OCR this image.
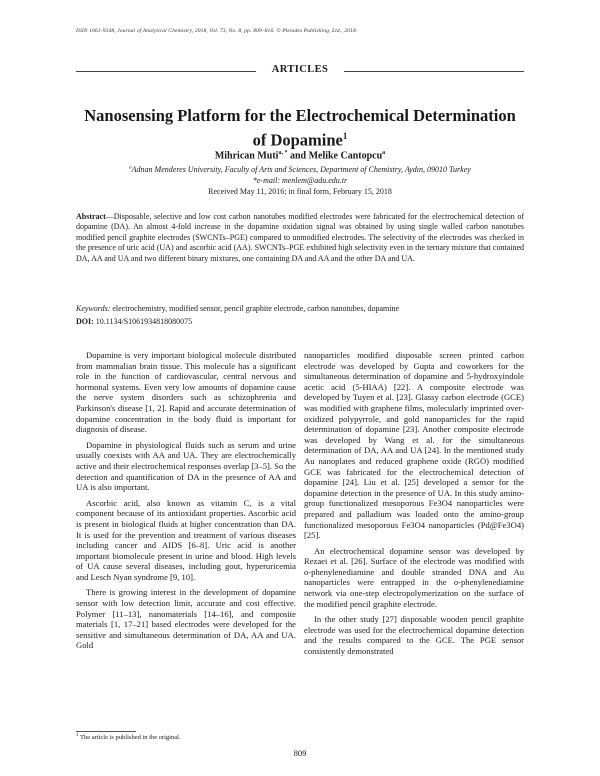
ISSN 1061-9348, Journal of Analytical Chemistry, 2018, Vol. 73, No. 8, pp. 809–816. © Pleiades Publishing, Ltd., 2018.
ARTICLES
Nanosensing Platform for the Electrochemical Determination of Dopamine$^1$
Mihrican Muti$^{a, *}$ and Melike Cantopcu$^a$
$^a$Adnan Menderes University, Faculty of Arts and Sciences, Department of Chemistry, Aydın, 09010 Turkey
*e-mail: menlem@adu.edu.tr
Received May 11, 2016; in final form, February 15, 2018
Abstract—Disposable, selective and low cost carbon nanotubes modified electrodes were fabricated for the electrochemical detection of dopamine (DA). An almost 4-fold increase in the dopamine oxidation signal was obtained by using single walled carbon nanotubes modified pencil graphite electrodes (SWCNTs–PGE) compared to unmodified electrodes. The selectivity of the electrodes was checked in the presence of uric acid (UA) and ascorbic acid (AA). SWCNTs–PGE exhibited high selectivity even in the ternary mixture that contained DA, AA and UA and two different binary mixtures, one containing DA and AA and the other DA and UA.
Keywords: electrochemistry, modified sensor, pencil graphite electrode, carbon nanotubes, dopamine
DOI: 10.1134/S1061934818080075

Dopamine is very important biological molecule distributed from mammalian brain tissue. This molecule has a significant role in the function of cardiovascular, central nervous and hormonal systems. Even very low amounts of dopamine cause the nerve system disorders such as schizophrenia and Parkinson's disease [1, 2]. Rapid and accurate determination of dopamine concentration in the body fluid is important for diagnosis of disease.

Dopamine in physiological fluids such as serum and urine usually coexists with AA and UA. They are electrochemically active and their electrochemical responses overlap [3–5]. So the detection and quantification of DA in the presence of AA and UA is also important.

Ascorbic acid, also known as vitamin C, is a vital component because of its antioxidant properties. Ascorbic acid is present in biological fluids at higher concentration than DA. It is used for the prevention and treatment of various diseases including cancer and AIDS [6–8]. Uric acid is another important biomolecule present in urine and blood. High levels of UA cause several diseases, including gout, hyperuricemia and Lesch Nyan syndrome [9, 10].

There is growing interest in the development of dopamine sensor with low detection limit, accurate and cost effective. Polymer [11–13], nanomaterials [14–16], and composite materials [1, 17–21] based electrodes were developed for the sensitive and simultaneous determination of DA, AA and UA. Gold

nanoparticles modified disposable screen printed carbon electrode was developed by Gupta and coworkers for the simultaneous determination of dopamine and 5-hydroxyindole acetic acid (5-HIAA) [22]. A composite electrode was developed by Tuyen et al. [23]. Glassy carbon electrode (GCE) was modified with graphene films, molecularly imprinted over-oxidized polypyrrole, and gold nanoparticles for the rapid determination of dopamine [23]. Another composite electrode was developed by Wang et al. for the simultaneous determination of DA, AA and UA [24]. In the mentioned study Au nanoplates and reduced graphene oxide (RGO) modified GCE was fabricated for the electrochemical detection of dopamine [24]. Liu et al. [25] developed a sensor for the dopamine detection in the presence of UA. In this study amino-group functionalized mesoporous Fe3O4 nanoparticles were prepared and palladium was loaded onto the amino-group functionalized mesoporous Fe3O4 nanoparticles (Pd@Fe3O4) [25].

An electrochemical dopamine sensor was developed by Rezaei et al. [26]. Surface of the electrode was modified with o-phenylenediamine and double stranded DNA and Au nanoparticles were entrapped in the o-phenylenediamine network via one-step electropolymerization on the surface of the modified pencil graphite electrode.

In the other study [27] disposable wooden pencil graphite electrode was used for the electrochemical dopamine detection and the results compared to the GCE. The PGE sensor consistently demonstrated

$^1$ The article is published in the original.
809
